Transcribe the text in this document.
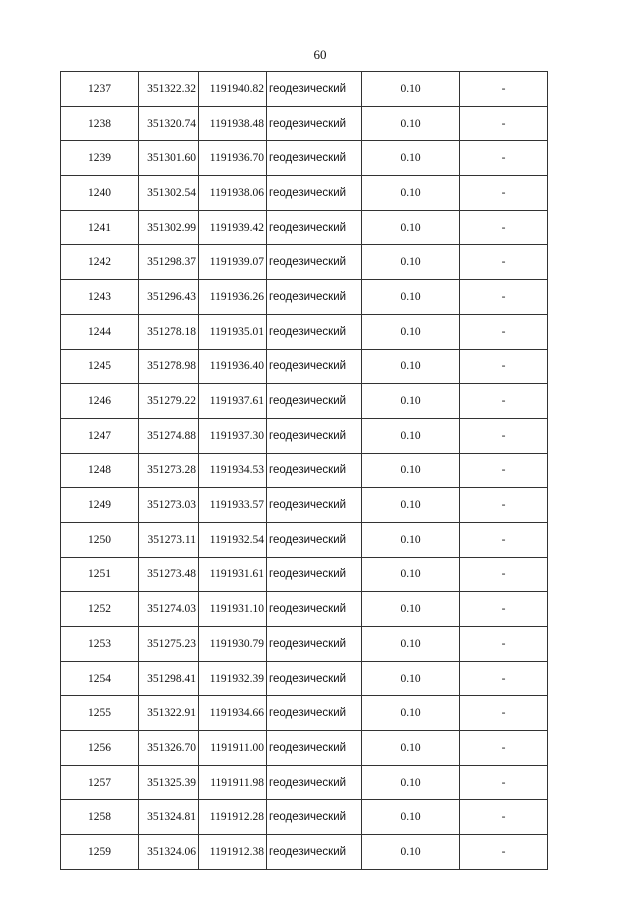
60
1237	351322.32	1191940.82	геодезический	0.10	-
1238	351320.74	1191938.48	геодезический	0.10	-
1239	351301.60	1191936.70	геодезический	0.10	-
1240	351302.54	1191938.06	геодезический	0.10	-
1241	351302.99	1191939.42	геодезический	0.10	-
1242	351298.37	1191939.07	геодезический	0.10	-
1243	351296.43	1191936.26	геодезический	0.10	-
1244	351278.18	1191935.01	геодезический	0.10	-
1245	351278.98	1191936.40	геодезический	0.10	-
1246	351279.22	1191937.61	геодезический	0.10	-
1247	351274.88	1191937.30	геодезический	0.10	-
1248	351273.28	1191934.53	геодезический	0.10	-
1249	351273.03	1191933.57	геодезический	0.10	-
1250	351273.11	1191932.54	геодезический	0.10	-
1251	351273.48	1191931.61	геодезический	0.10	-
1252	351274.03	1191931.10	геодезический	0.10	-
1253	351275.23	1191930.79	геодезический	0.10	-
1254	351298.41	1191932.39	геодезический	0.10	-
1255	351322.91	1191934.66	геодезический	0.10	-
1256	351326.70	1191911.00	геодезический	0.10	-
1257	351325.39	1191911.98	геодезический	0.10	-
1258	351324.81	1191912.28	геодезический	0.10	-
1259	351324.06	1191912.38	геодезический	0.10	-
